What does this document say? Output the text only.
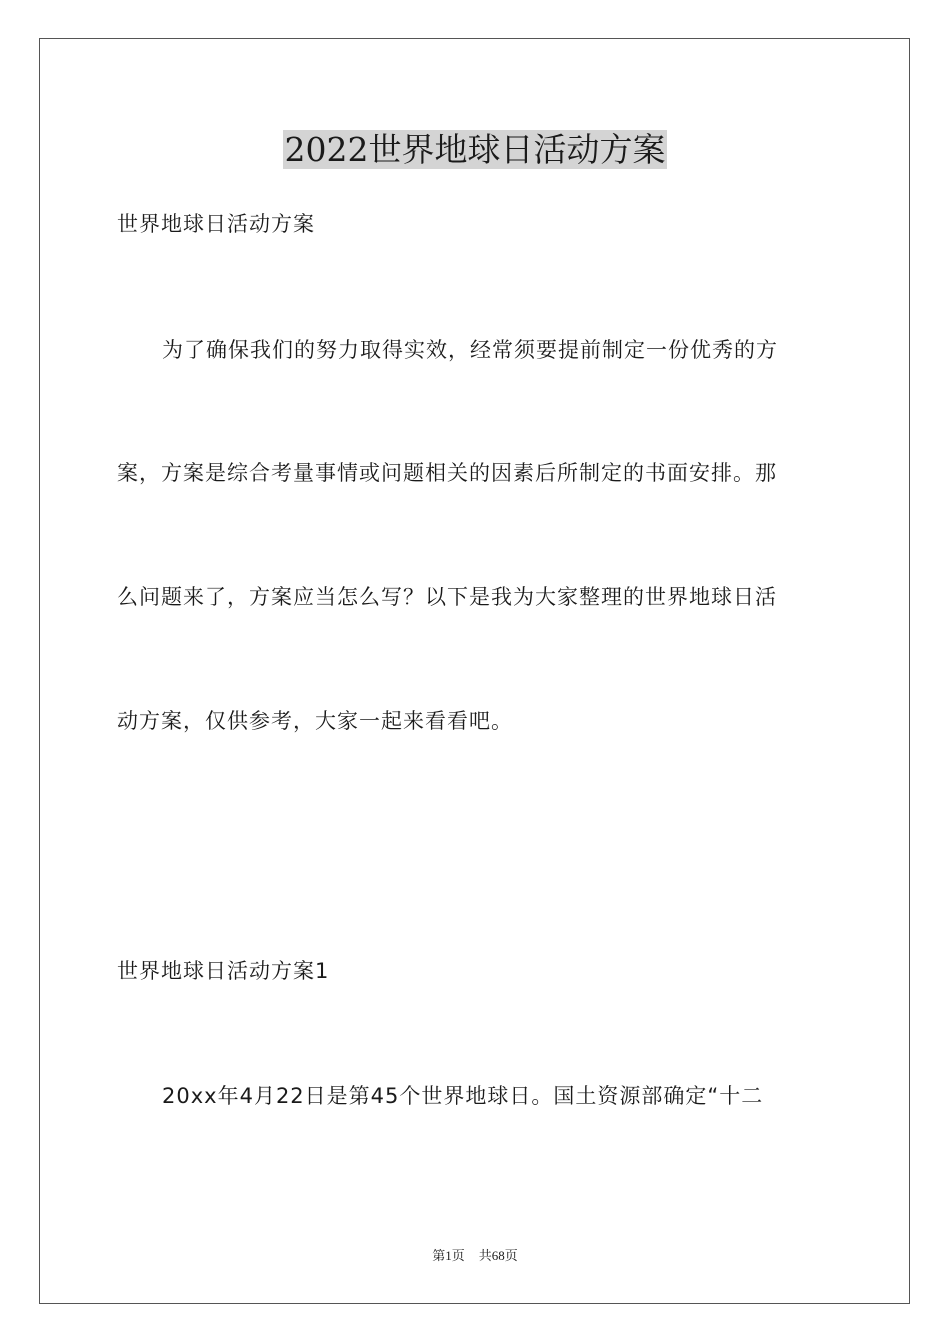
2022世界地球日活动方案
世界地球日活动方案
为了确保我们的努力取得实效，经常须要提前制定一份优秀的方
案，方案是综合考量事情或问题相关的因素后所制定的书面安排。那
么问题来了，方案应当怎么写？以下是我为大家整理的世界地球日活
动方案，仅供参考，大家一起来看看吧。
世界地球日活动方案1
20xx年4月22日是第45个世界地球日。国土资源部确定“十二
第1页 共68页
